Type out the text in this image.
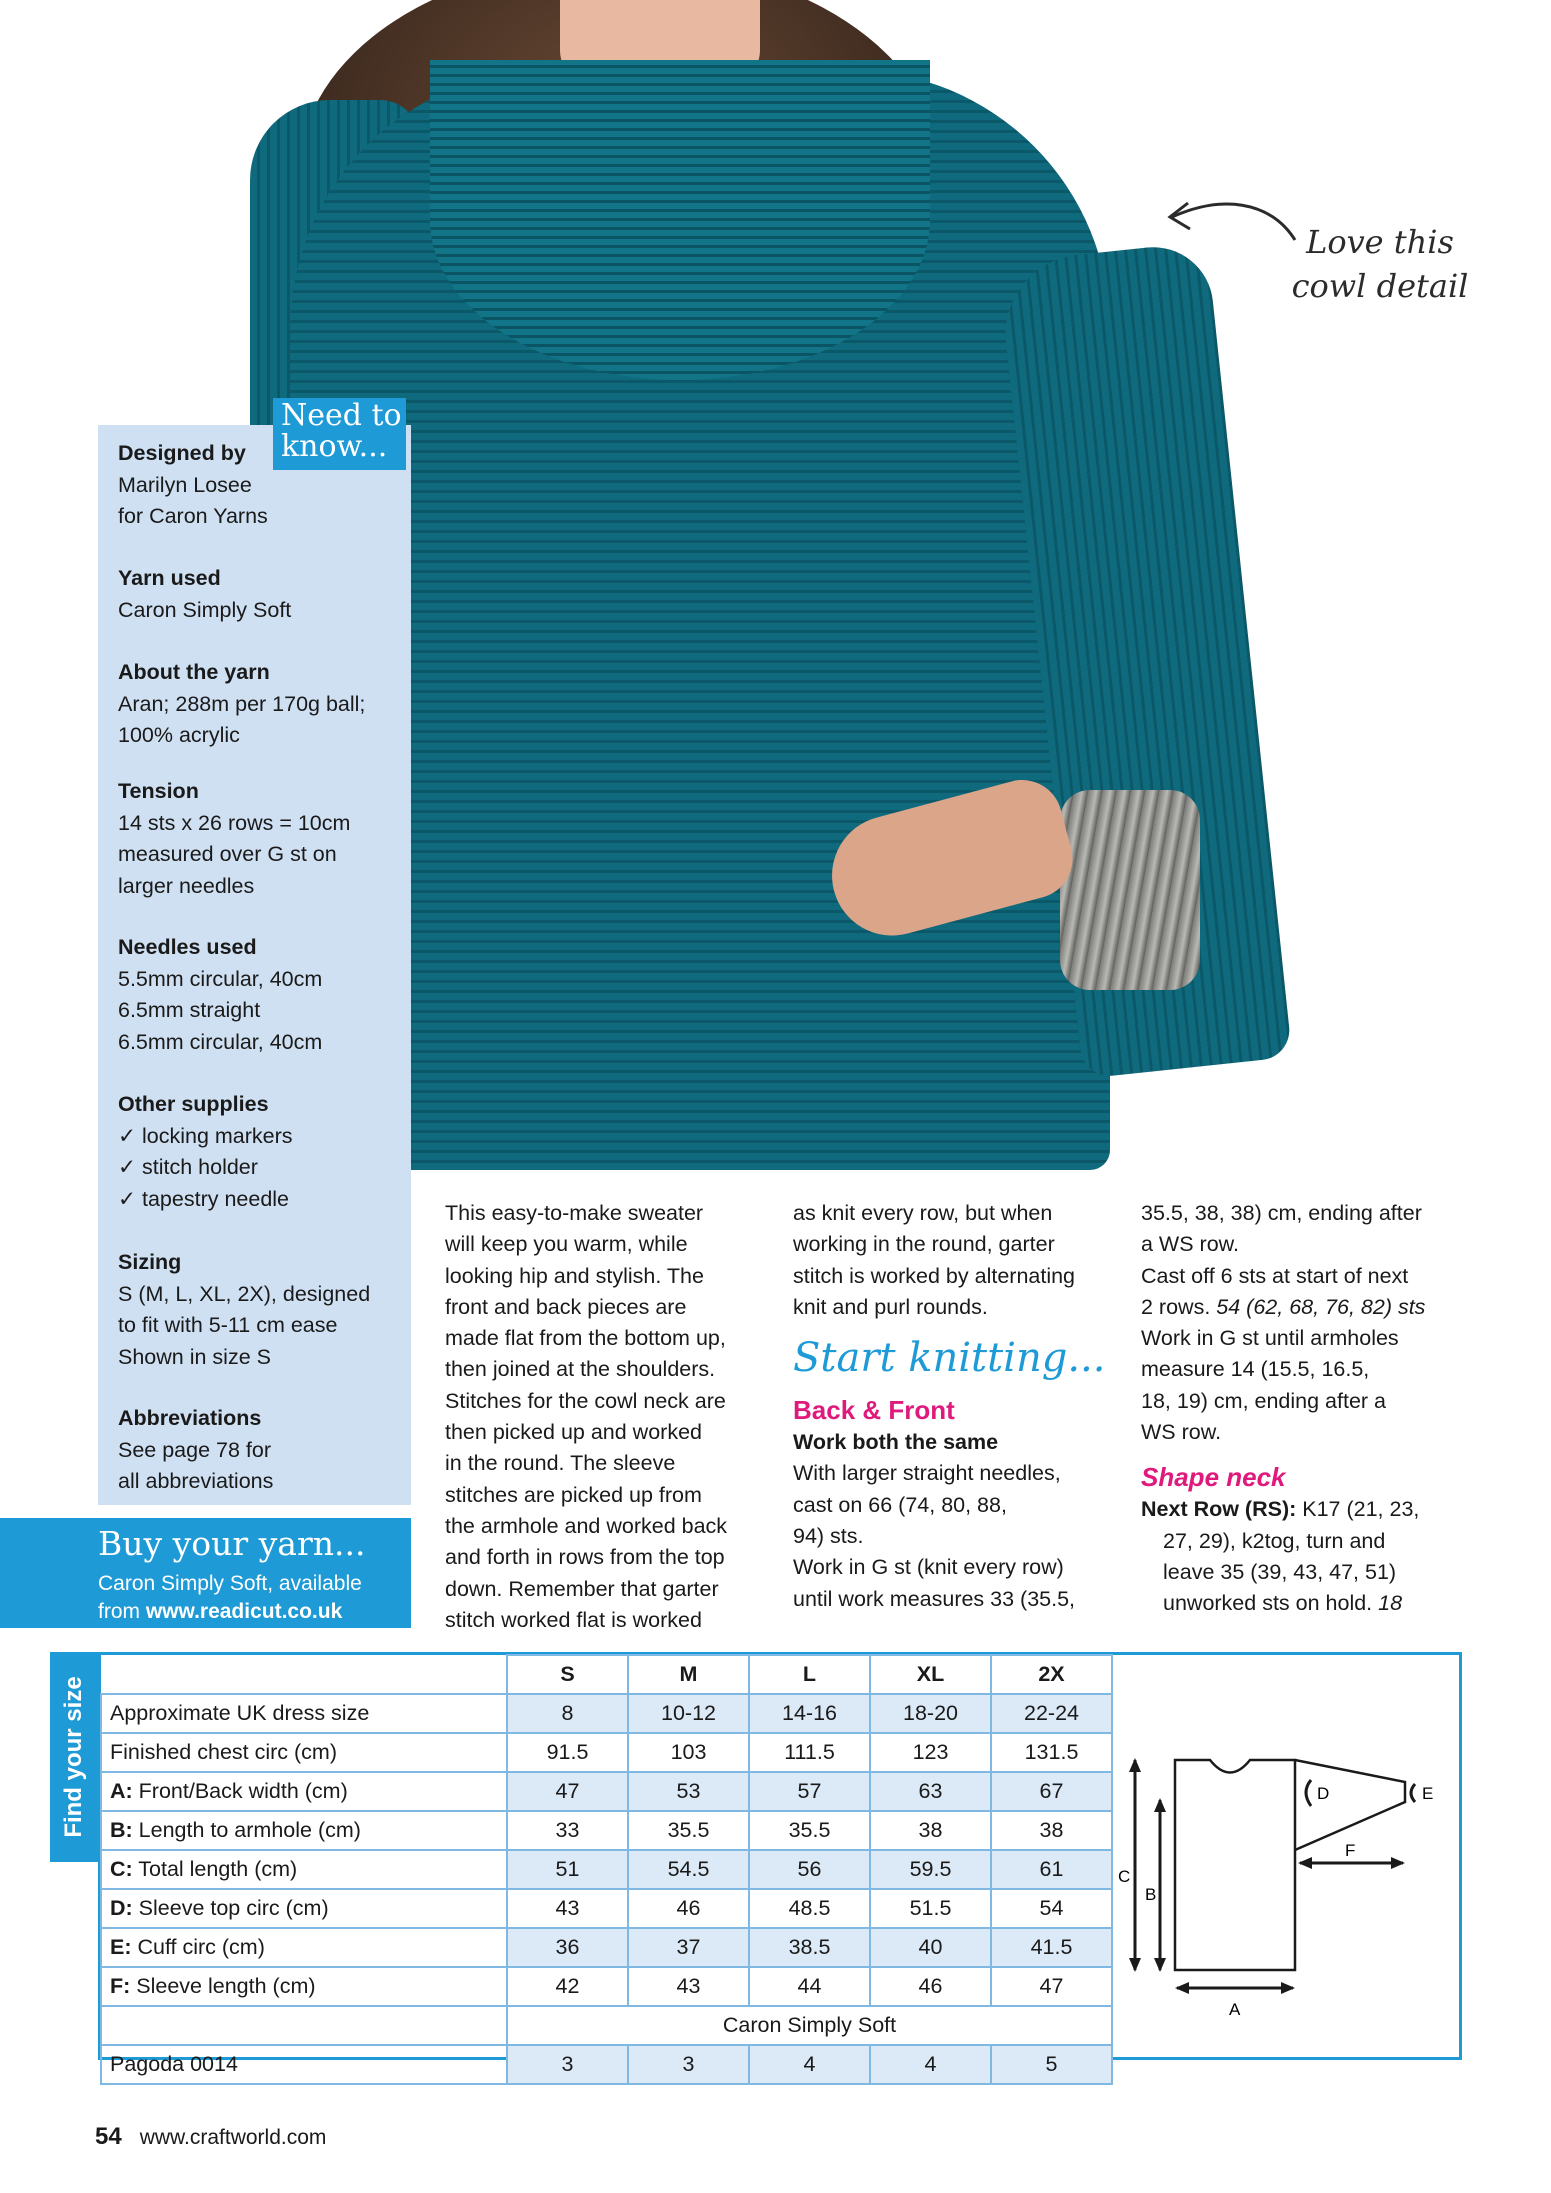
Love this
cowl detail
Need to
know...
Designed by
Marilyn Losee
for Caron Yarns
Yarn used
Caron Simply Soft
About the yarn
Aran; 288m per 170g ball;
100% acrylic
Tension
14 sts x 26 rows = 10cm
measured over G st on
larger needles
Needles used
5.5mm circular, 40cm
6.5mm straight
6.5mm circular, 40cm
Other supplies
✓ locking markers
✓ stitch holder
✓ tapestry needle
Sizing
S (M, L, XL, 2X), designed
to fit with 5-11 cm ease
Shown in size S
Abbreviations
See page 78 for
all abbreviations
Buy your yarn...
Caron Simply Soft, available
from www.readicut.co.uk

This easy-to-make sweater

will keep you warm, while

looking hip and stylish. The

front and back pieces are

made flat from the bottom up,

then joined at the shoulders.

Stitches for the cowl neck are

then picked up and worked

in the round. The sleeve

stitches are picked up from

the armhole and worked back

and forth in rows from the top

down. Remember that garter

stitch worked flat is worked

as knit every row, but when

working in the round, garter

stitch is worked by alternating

knit and purl rounds.

Start knitting...
Back & Front

Work both the same

With larger straight needles,

cast on 66 (74, 80, 88,

94) sts.

Work in G st (knit every row)

until work measures 33 (35.5,

35.5, 38, 38) cm, ending after

a WS row.

Cast off 6 sts at start of next

2 rows. 54 (62, 68, 76, 82) sts

Work in G st until armholes

measure 14 (15.5, 16.5,

18, 19) cm, ending after a

WS row.

Shape neck

Next Row (RS): K17 (21, 23,

27, 29), k2tog, turn and

leave 35 (39, 43, 47, 51)

unworked sts on hold. 18

Find your size
	S	M	L	XL	2X
Approximate UK dress size	8	10-12	14-16	18-20	22-24
Finished chest circ (cm)	91.5	103	111.5	123	131.5
A: Front/Back width (cm)	47	53	57	63	67
B: Length to armhole (cm)	33	35.5	35.5	38	38
C: Total length (cm)	51	54.5	56	59.5	61
D: Sleeve top circ (cm)	43	46	48.5	51.5	54
E: Cuff circ (cm)	36	37	38.5	40	41.5
F: Sleeve length (cm)	42	43	44	46	47
	Caron Simply Soft				
Pagoda 0014	3	3	4	4	5
C
B
A
F
D	E
54 www.craftworld.com
